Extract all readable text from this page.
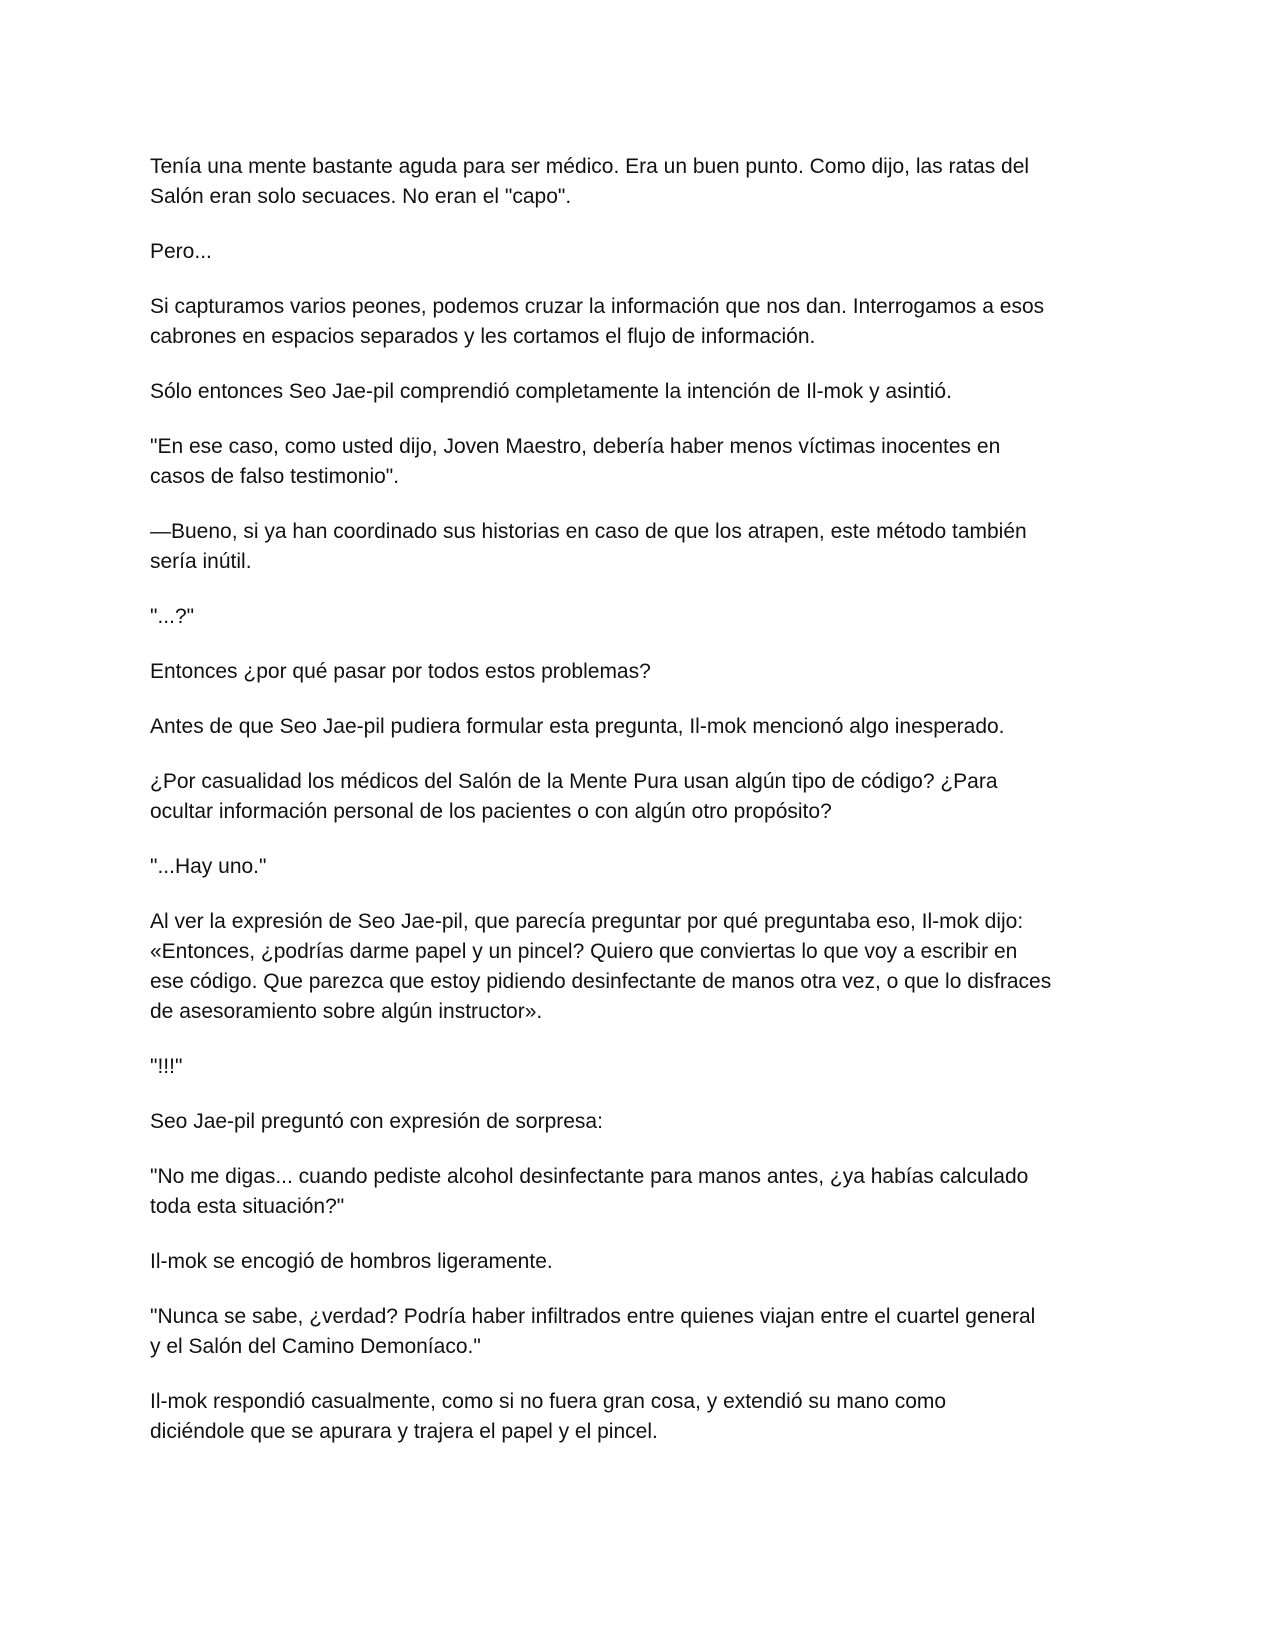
Tenía una mente bastante aguda para ser médico. Era un buen punto. Como dijo, las ratas del
Salón eran solo secuaces. No eran el "capo".

Pero...

Si capturamos varios peones, podemos cruzar la información que nos dan. Interrogamos a esos
cabrones en espacios separados y les cortamos el flujo de información.

Sólo entonces Seo Jae-pil comprendió completamente la intención de Il-mok y asintió.

"En ese caso, como usted dijo, Joven Maestro, debería haber menos víctimas inocentes en
casos de falso testimonio".

—Bueno, si ya han coordinado sus historias en caso de que los atrapen, este método también
sería inútil.

"...?"

Entonces ¿por qué pasar por todos estos problemas?

Antes de que Seo Jae-pil pudiera formular esta pregunta, Il-mok mencionó algo inesperado.

¿Por casualidad los médicos del Salón de la Mente Pura usan algún tipo de código? ¿Para
ocultar información personal de los pacientes o con algún otro propósito?

"...Hay uno."

Al ver la expresión de Seo Jae-pil, que parecía preguntar por qué preguntaba eso, Il-mok dijo:
«Entonces, ¿podrías darme papel y un pincel? Quiero que conviertas lo que voy a escribir en
ese código. Que parezca que estoy pidiendo desinfectante de manos otra vez, o que lo disfraces
de asesoramiento sobre algún instructor».

"!!!"

Seo Jae-pil preguntó con expresión de sorpresa:

"No me digas... cuando pediste alcohol desinfectante para manos antes, ¿ya habías calculado
toda esta situación?"

Il-mok se encogió de hombros ligeramente.

"Nunca se sabe, ¿verdad? Podría haber infiltrados entre quienes viajan entre el cuartel general
y el Salón del Camino Demoníaco."

Il-mok respondió casualmente, como si no fuera gran cosa, y extendió su mano como
diciéndole que se apurara y trajera el papel y el pincel.
